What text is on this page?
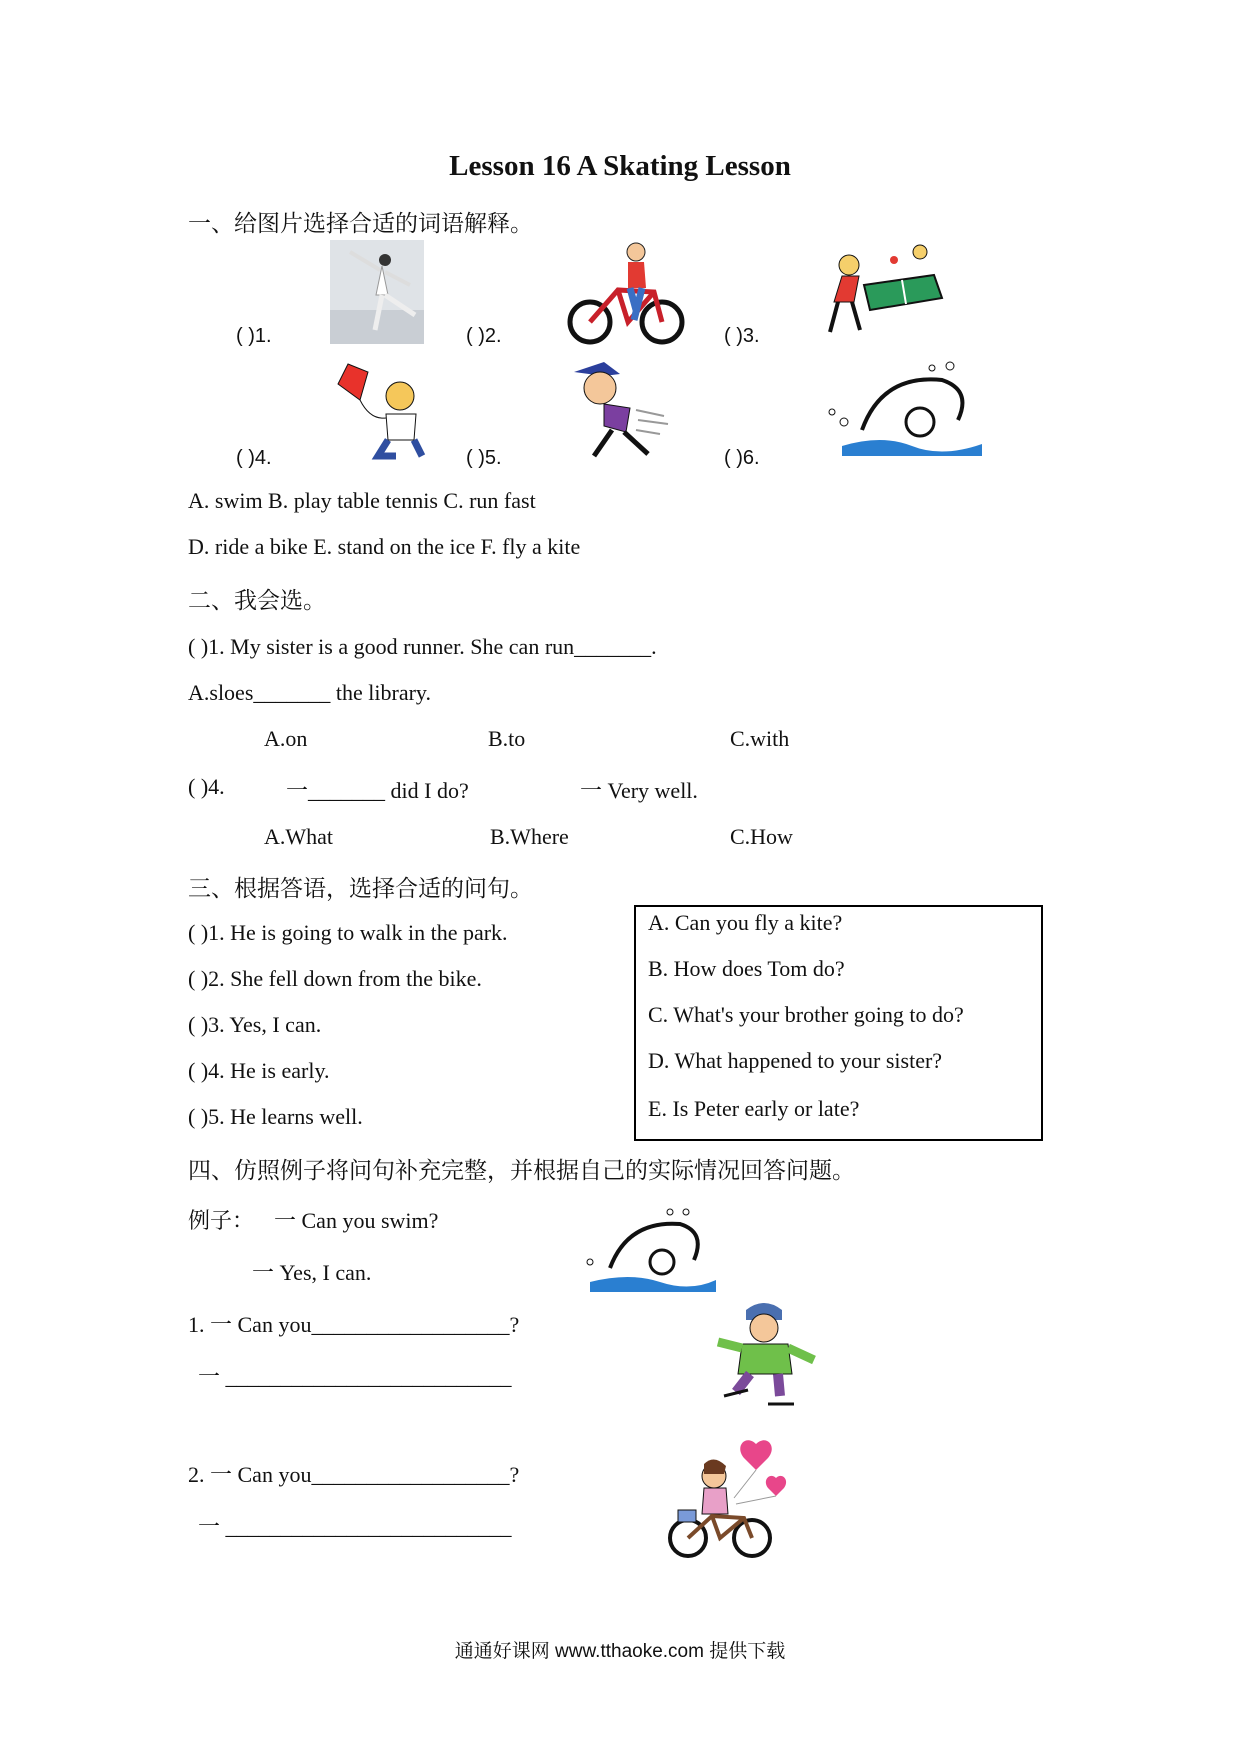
Lesson 16 A Skating Lesson
一、给图片选择合适的词语解释。
( )1.	( )2.	( )3.
( )4.	( )5.	( )6.
A. swim B. play table tennis C. run fast
D. ride a bike E. stand on the ice F. fly a kite
二、我会选。
( )1. My sister is a good runner. She can run_______.
A.sloes_______ the library.
A.on	B.to	C.with
( )4.	一_______ did I do?	一 Very well.
A.What	B.Where	C.How
三、根据答语，选择合适的问句。
( )1. He is going to walk in the park.
( )2. She fell down from the bike.
( )3. Yes, I can.
( )4. He is early.
( )5. He learns well.
A. Can you fly a kite?
B. How does Tom do?
C. What's your brother going to do?
D. What happened to your sister?
E. Is Peter early or late?
四、仿照例子将问句补充完整，并根据自己的实际情况回答问题。
例子： 一 Can you swim?
一 Yes, I can.
1. 一 Can you__________________?
一 __________________________
2. 一 Can you__________________?
一 __________________________
通通好课网 www.tthaoke.com 提供下载
